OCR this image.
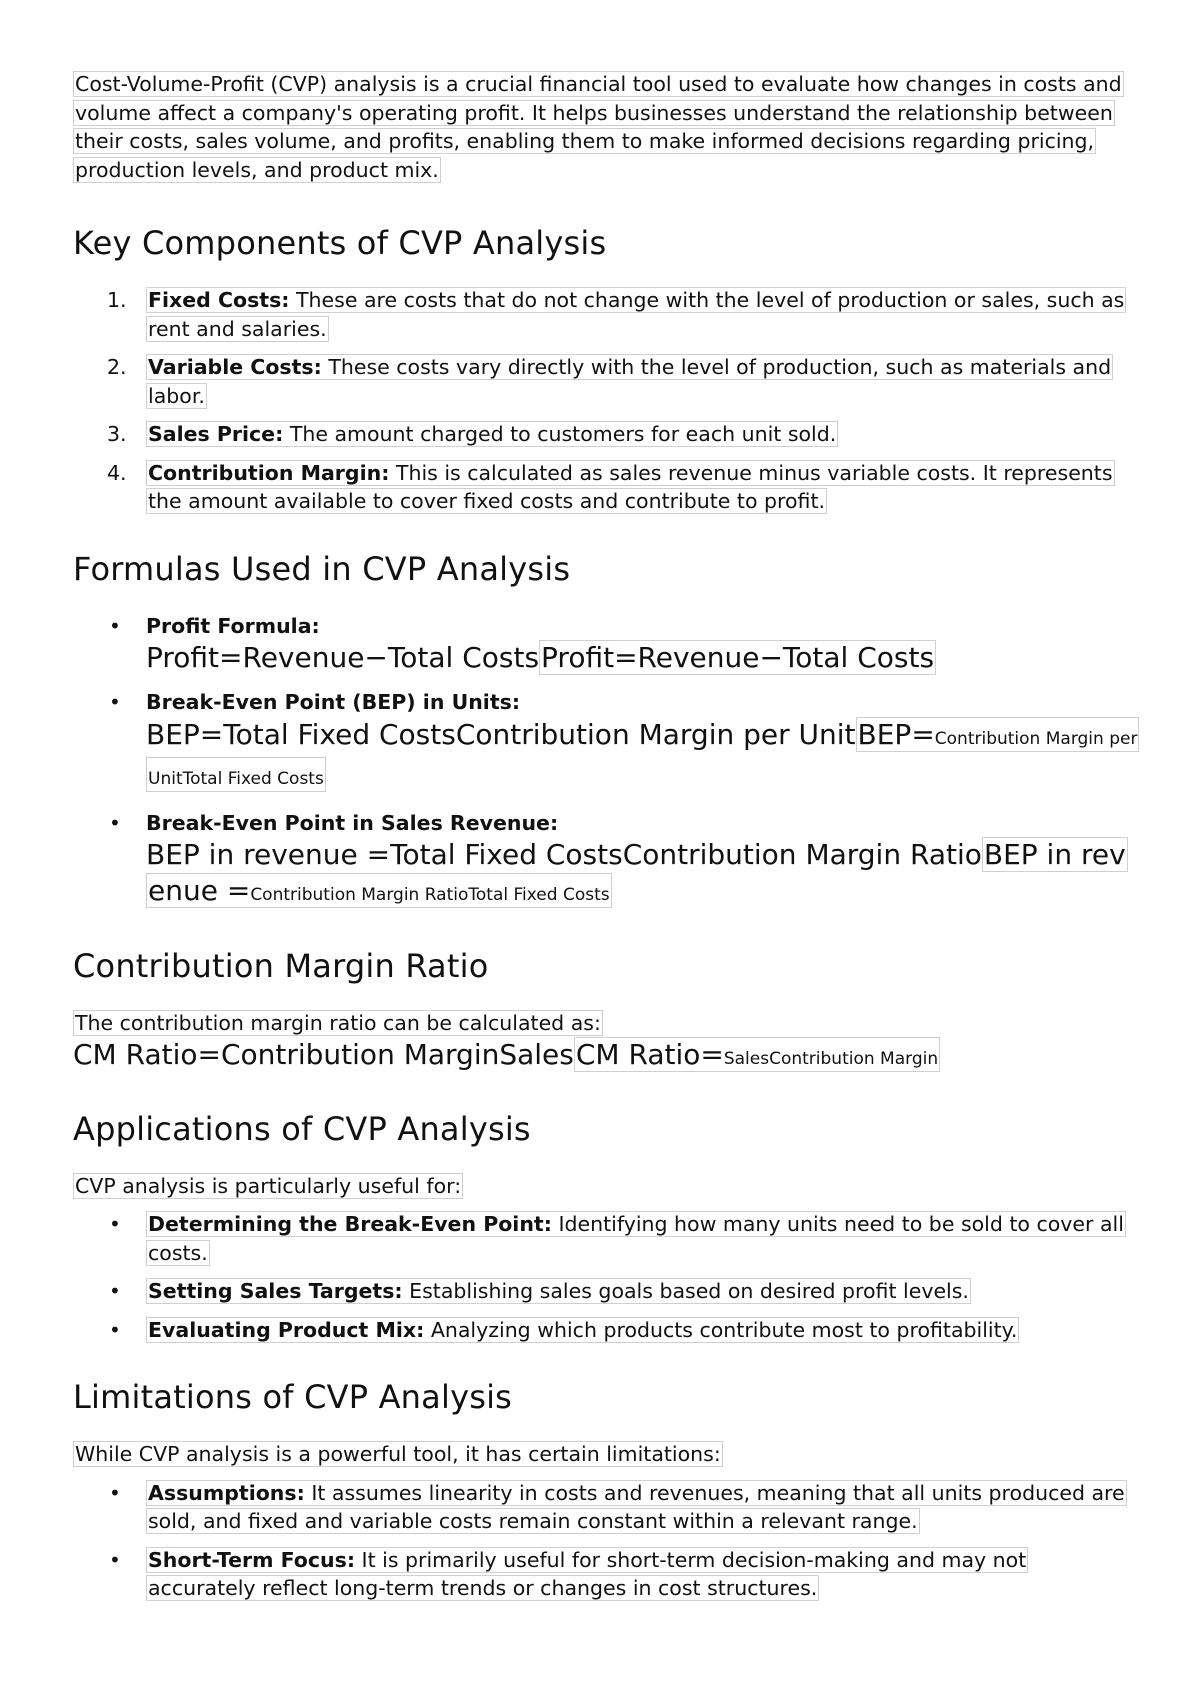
Cost-Volume-Profit (CVP) analysis is a crucial financial tool used to evaluate how changes in costs and volume affect a company's operating profit. It helps businesses understand the relationship between their costs, sales volume, and profits, enabling them to make informed decisions regarding pricing, production levels, and product mix.

Key Components of CVP Analysis
1. Fixed Costs: These are costs that do not change with the level of production or sales, such as rent and salaries.
2. Variable Costs: These costs vary directly with the level of production, such as materials and labor.
3. Sales Price: The amount charged to customers for each unit sold.
4. Contribution Margin: This is calculated as sales revenue minus variable costs. It represents the amount available to cover fixed costs and contribute to profit.
Formulas Used in CVP Analysis
• Profit Formula:
Profit=Revenue−Total CostsProfit=Revenue−Total Costs
• Break-Even Point (BEP) in Units:
BEP=Total Fixed CostsContribution Margin per UnitBEP=Contribution Margin per UnitTotal Fixed Costs
• Break-Even Point in Sales Revenue:
BEP in revenue =Total Fixed CostsContribution Margin RatioBEP in revenue =Contribution Margin RatioTotal Fixed Costs
Contribution Margin Ratio

The contribution margin ratio can be calculated as:

CM Ratio=Contribution MarginSalesCM Ratio=SalesContribution Margin
Applications of CVP Analysis

CVP analysis is particularly useful for:

• Determining the Break-Even Point: Identifying how many units need to be sold to cover all costs.
• Setting Sales Targets: Establishing sales goals based on desired profit levels.
• Evaluating Product Mix: Analyzing which products contribute most to profitability.
Limitations of CVP Analysis

While CVP analysis is a powerful tool, it has certain limitations:

• Assumptions: It assumes linearity in costs and revenues, meaning that all units produced are sold, and fixed and variable costs remain constant within a relevant range.
• Short-Term Focus: It is primarily useful for short-term decision-making and may not accurately reflect long-term trends or changes in cost structures.
